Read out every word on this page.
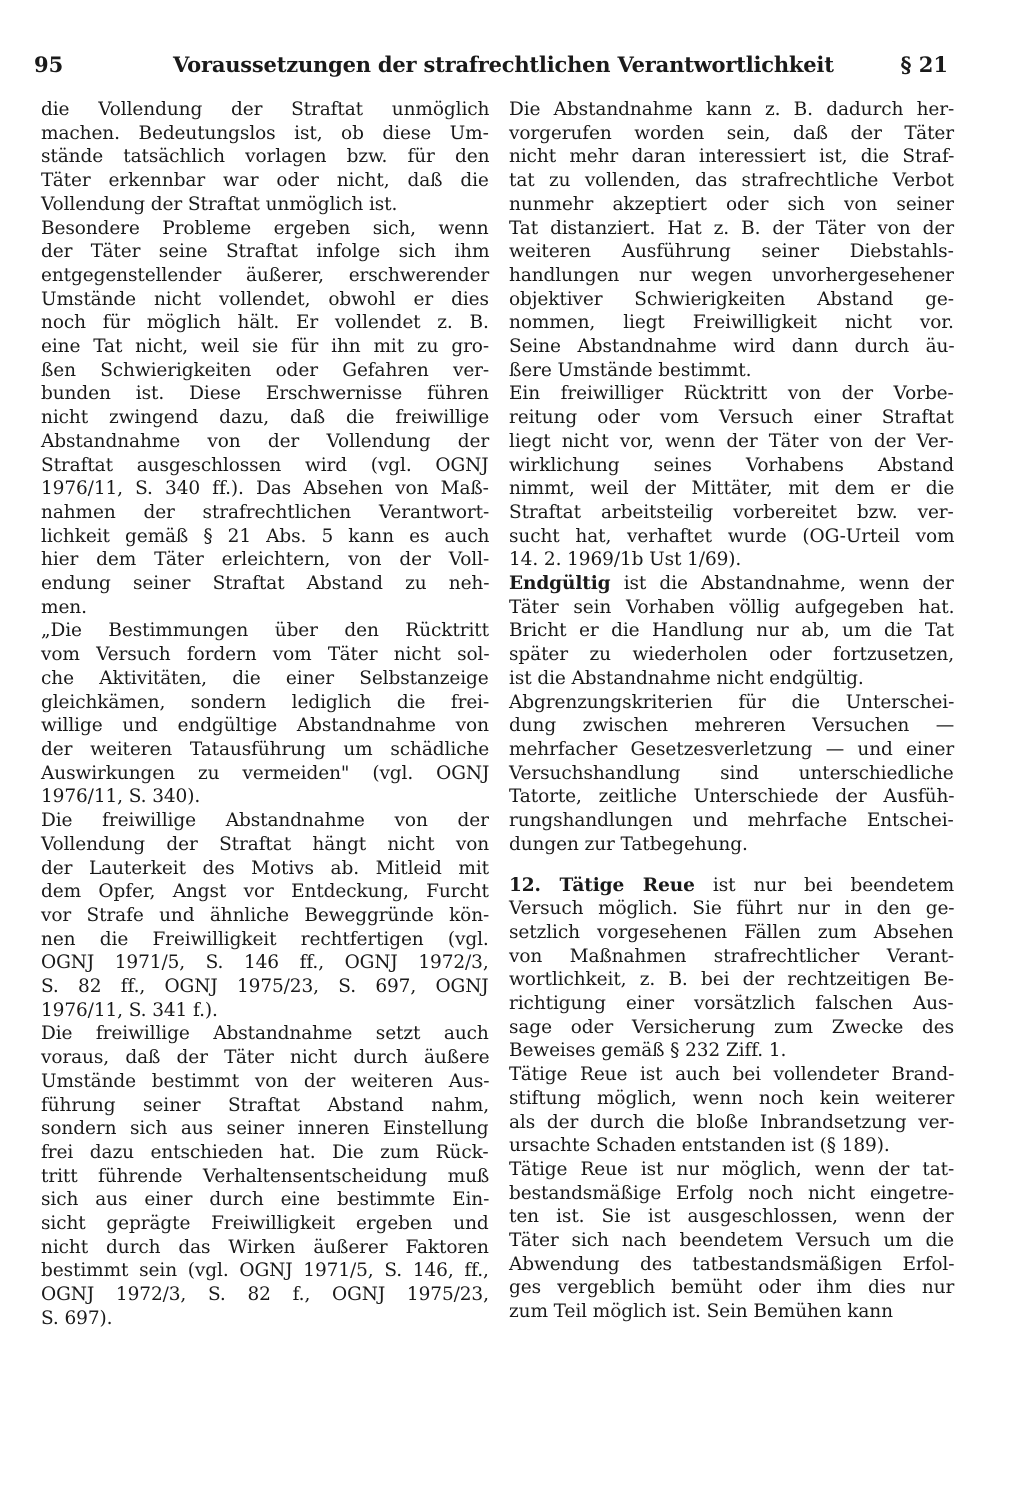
95	Voraussetzungen der strafrechtlichen Verantwortlichkeit	§ 21
die Vollendung der Straftat unmöglich
machen. Bedeutungslos ist, ob diese Um-
stände tatsächlich vorlagen bzw. für den
Täter erkennbar war oder nicht, daß die
Vollendung der Straftat unmöglich ist.
Besondere Probleme ergeben sich, wenn
der Täter seine Straftat infolge sich ihm
entgegenstellender äußerer, erschwerender
Umstände nicht vollendet, obwohl er dies
noch für möglich hält. Er vollendet z. B.
eine Tat nicht, weil sie für ihn mit zu gro-
ßen Schwierigkeiten oder Gefahren ver-
bunden ist. Diese Erschwernisse führen
nicht zwingend dazu, daß die freiwillige
Abstandnahme von der Vollendung der
Straftat ausgeschlossen wird (vgl. OGNJ
1976/11, S. 340 ff.). Das Absehen von Maß-
nahmen der strafrechtlichen Verantwort-
lichkeit gemäß § 21 Abs. 5 kann es auch
hier dem Täter erleichtern, von der Voll-
endung seiner Straftat Abstand zu neh-
men.
„Die Bestimmungen über den Rücktritt
vom Versuch fordern vom Täter nicht sol-
che Aktivitäten, die einer Selbstanzeige
gleichkämen, sondern lediglich die frei-
willige und endgültige Abstandnahme von
der weiteren Tatausführung um schädliche
Auswirkungen zu vermeiden" (vgl. OGNJ
1976/11, S. 340).
Die freiwillige Abstandnahme von der
Vollendung der Straftat hängt nicht von
der Lauterkeit des Motivs ab. Mitleid mit
dem Opfer, Angst vor Entdeckung, Furcht
vor Strafe und ähnliche Beweggründe kön-
nen die Freiwilligkeit rechtfertigen (vgl.
OGNJ 1971/5, S. 146 ff., OGNJ 1972/3,
S. 82 ff., OGNJ 1975/23, S. 697, OGNJ
1976/11, S. 341 f.).
Die freiwillige Abstandnahme setzt auch
voraus, daß der Täter nicht durch äußere
Umstände bestimmt von der weiteren Aus-
führung seiner Straftat Abstand nahm,
sondern sich aus seiner inneren Einstellung
frei dazu entschieden hat. Die zum Rück-
tritt führende Verhaltensentscheidung muß
sich aus einer durch eine bestimmte Ein-
sicht geprägte Freiwilligkeit ergeben und
nicht durch das Wirken äußerer Faktoren
bestimmt sein (vgl. OGNJ 1971/5, S. 146, ff.,
OGNJ 1972/3, S. 82 f., OGNJ 1975/23,
S. 697).
Die Abstandnahme kann z. B. dadurch her-
vorgerufen worden sein, daß der Täter
nicht mehr daran interessiert ist, die Straf-
tat zu vollenden, das strafrechtliche Verbot
nunmehr akzeptiert oder sich von seiner
Tat distanziert. Hat z. B. der Täter von der
weiteren Ausführung seiner Diebstahls-
handlungen nur wegen unvorhergesehener
objektiver Schwierigkeiten Abstand ge-
nommen, liegt Freiwilligkeit nicht vor.
Seine Abstandnahme wird dann durch äu-
ßere Umstände bestimmt.
Ein freiwilliger Rücktritt von der Vorbe-
reitung oder vom Versuch einer Straftat
liegt nicht vor, wenn der Täter von der Ver-
wirklichung seines Vorhabens Abstand
nimmt, weil der Mittäter, mit dem er die
Straftat arbeitsteilig vorbereitet bzw. ver-
sucht hat, verhaftet wurde (OG-Urteil vom
14. 2. 1969/1b Ust 1/69).
Endgültig ist die Abstandnahme, wenn der
Täter sein Vorhaben völlig aufgegeben hat.
Bricht er die Handlung nur ab, um die Tat
später zu wiederholen oder fortzusetzen,
ist die Abstandnahme nicht endgültig.
Abgrenzungskriterien für die Unterschei-
dung zwischen mehreren Versuchen —
mehrfacher Gesetzesverletzung — und einer
Versuchshandlung sind unterschiedliche
Tatorte, zeitliche Unterschiede der Ausfüh-
rungshandlungen und mehrfache Entschei-
dungen zur Tatbegehung.
12. Tätige Reue ist nur bei beendetem
Versuch möglich. Sie führt nur in den ge-
setzlich vorgesehenen Fällen zum Absehen
von Maßnahmen strafrechtlicher Verant-
wortlichkeit, z. B. bei der rechtzeitigen Be-
richtigung einer vorsätzlich falschen Aus-
sage oder Versicherung zum Zwecke des
Beweises gemäß § 232 Ziff. 1.
Tätige Reue ist auch bei vollendeter Brand-
stiftung möglich, wenn noch kein weiterer
als der durch die bloße Inbrandsetzung ver-
ursachte Schaden entstanden ist (§ 189).
Tätige Reue ist nur möglich, wenn der tat-
bestandsmäßige Erfolg noch nicht eingetre-
ten ist. Sie ist ausgeschlossen, wenn der
Täter sich nach beendetem Versuch um die
Abwendung des tatbestandsmäßigen Erfol-
ges vergeblich bemüht oder ihm dies nur
zum Teil möglich ist. Sein Bemühen kann
